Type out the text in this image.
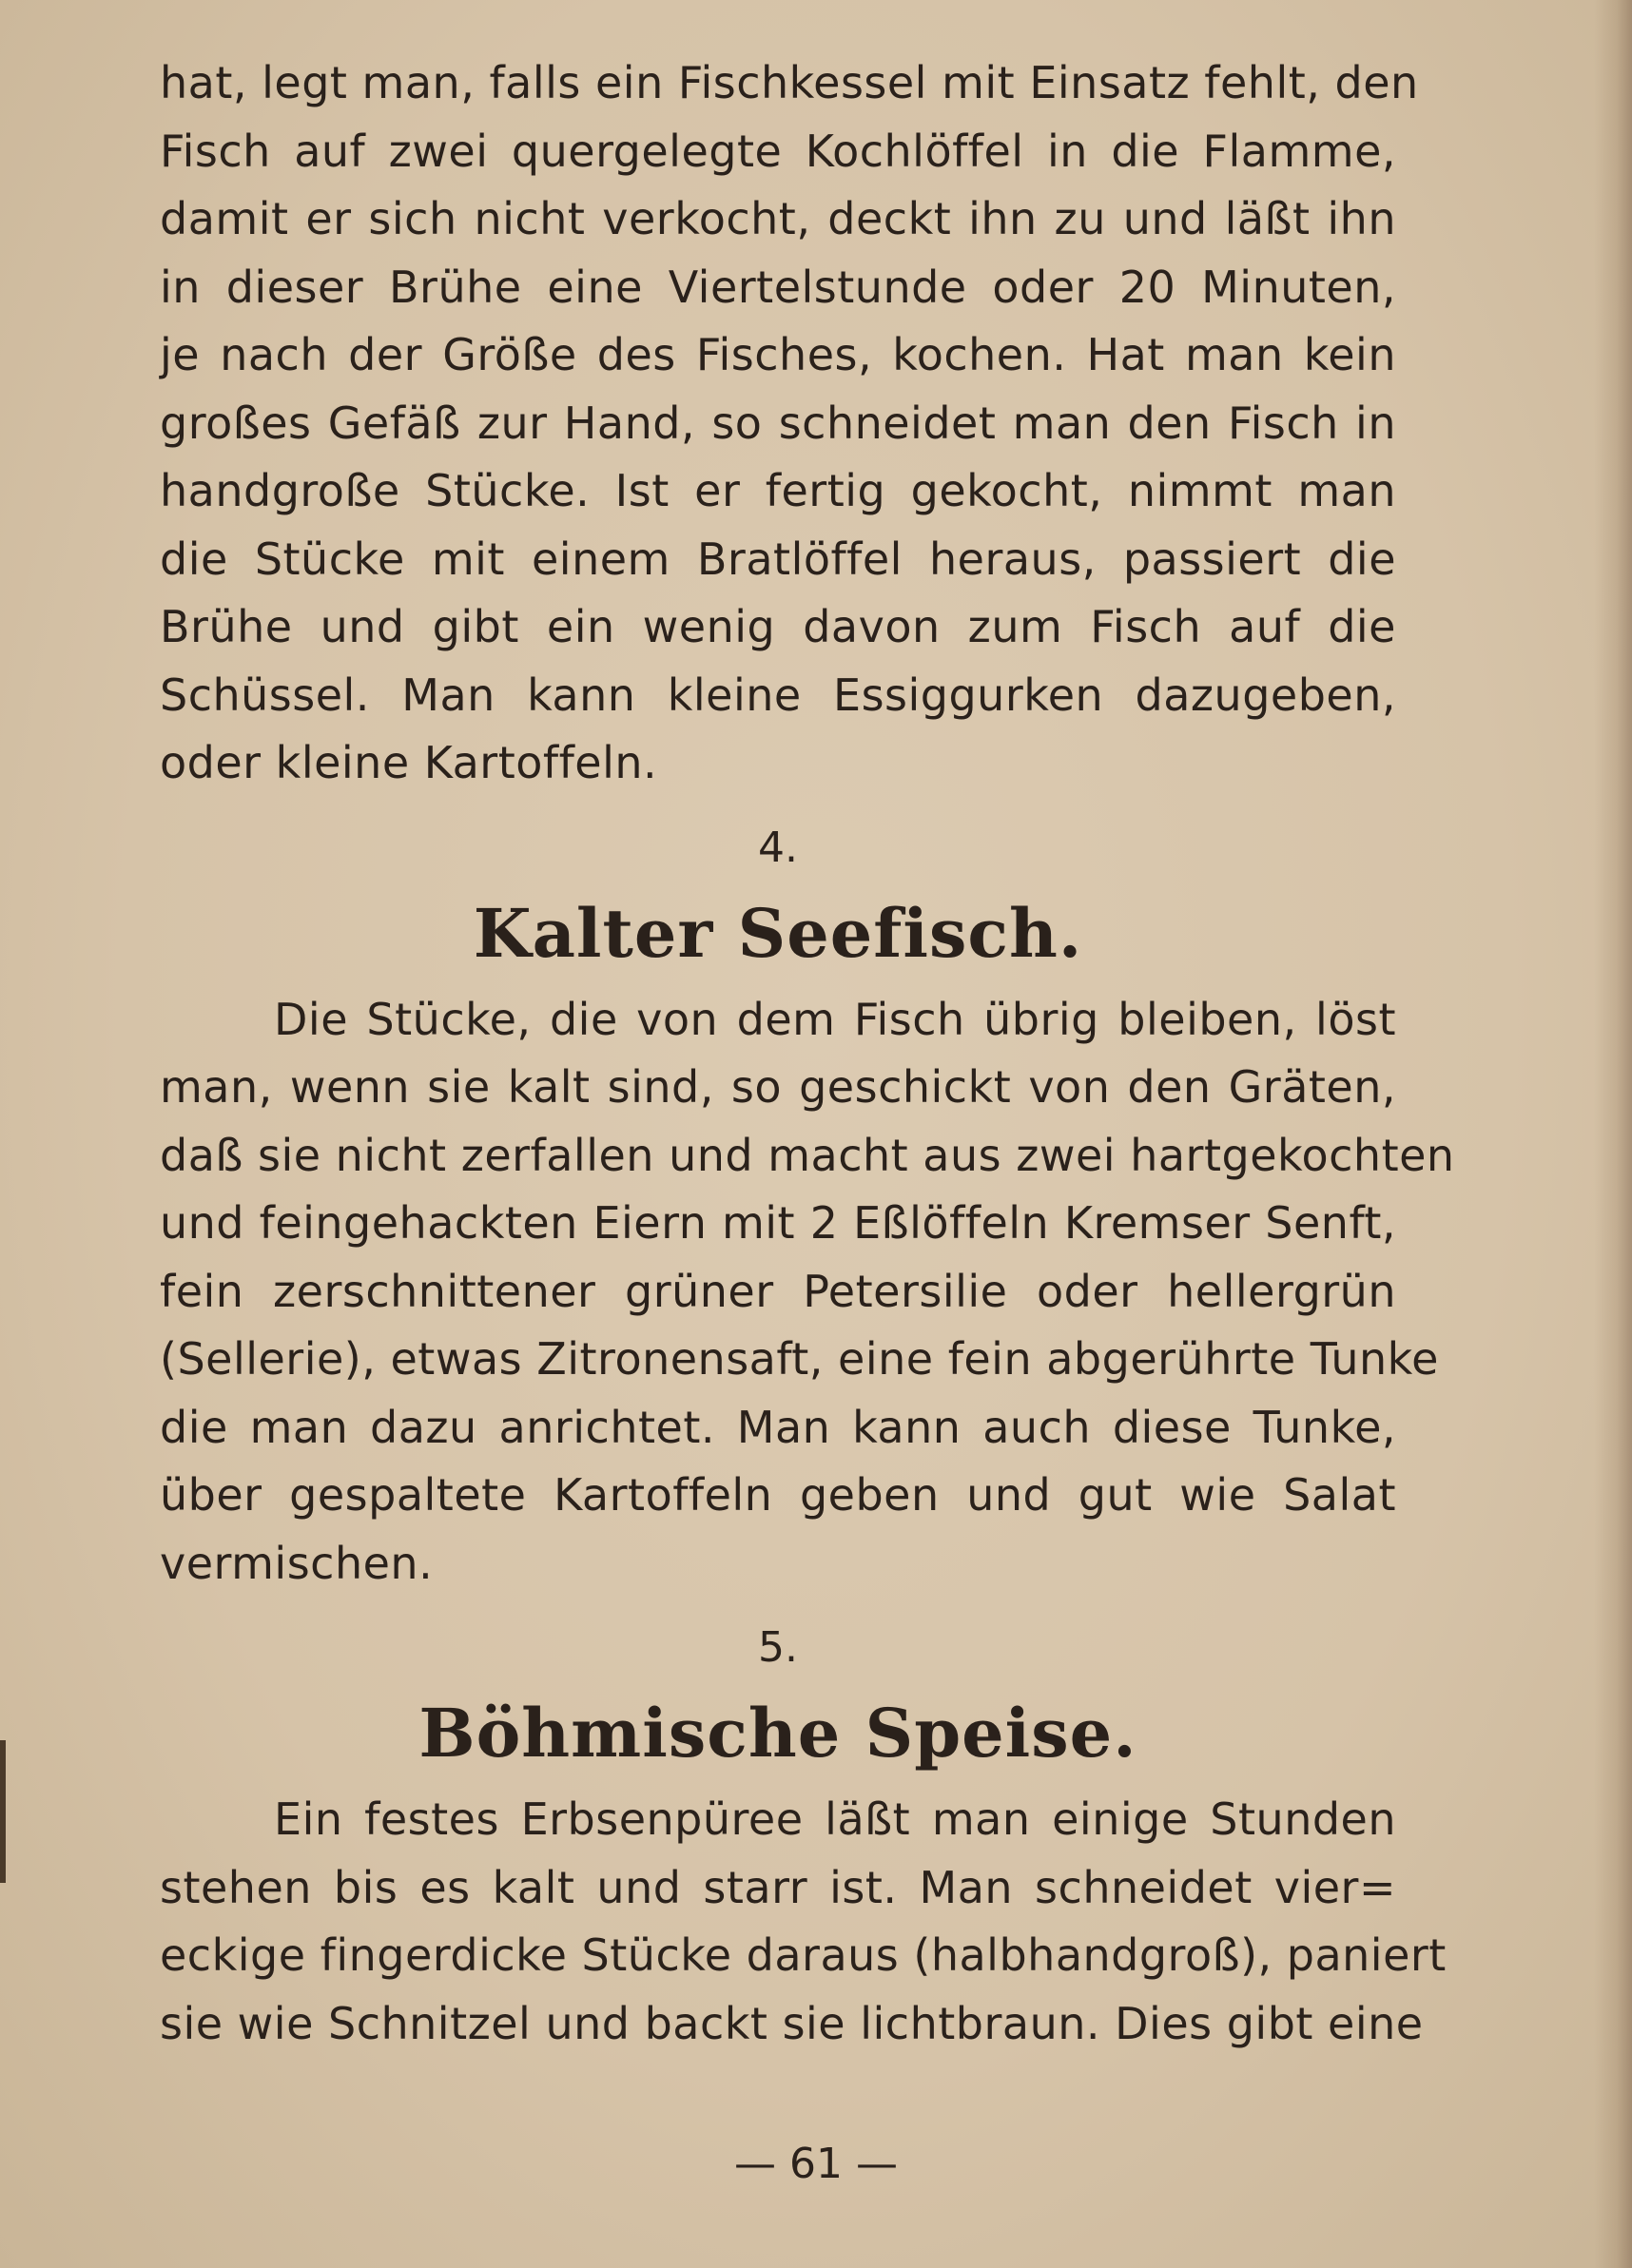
hat, legt man, falls ein Fischkessel mit Einsatz fehlt, den
Fisch auf zwei quergelegte Kochlöffel in die Flamme,
damit er sich nicht verkocht, deckt ihn zu und läßt ihn
in dieser Brühe eine Viertelstunde oder 20 Minuten,
je nach der Größe des Fisches, kochen. Hat man kein
großes Gefäß zur Hand, so schneidet man den Fisch in
handgroße Stücke. Ist er fertig gekocht, nimmt man
die Stücke mit einem Bratlöffel heraus, passiert die
Brühe und gibt ein wenig davon zum Fisch auf die
Schüssel. Man kann kleine Essiggurken dazugeben,
oder kleine Kartoffeln.

4.
Kalter Seefisch.

Die Stücke, die von dem Fisch übrig bleiben, löst
man, wenn sie kalt sind, so geschickt von den Gräten,
daß sie nicht zerfallen und macht aus zwei hartgekochten
und feingehackten Eiern mit 2 Eßlöffeln Kremser Senft,
fein zerschnittener grüner Petersilie oder hellergrün
(Sellerie), etwas Zitronensaft, eine fein abgerührte Tunke
die man dazu anrichtet. Man kann auch diese Tunke,
über gespaltete Kartoffeln geben und gut wie Salat
vermischen.

5.
Böhmische Speise.

Ein festes Erbsenpüree läßt man einige Stunden
stehen bis es kalt und starr ist. Man schneidet vier=
eckige fingerdicke Stücke daraus (halbhandgroß), paniert
sie wie Schnitzel und backt sie lichtbraun. Dies gibt eine

— 61 —
